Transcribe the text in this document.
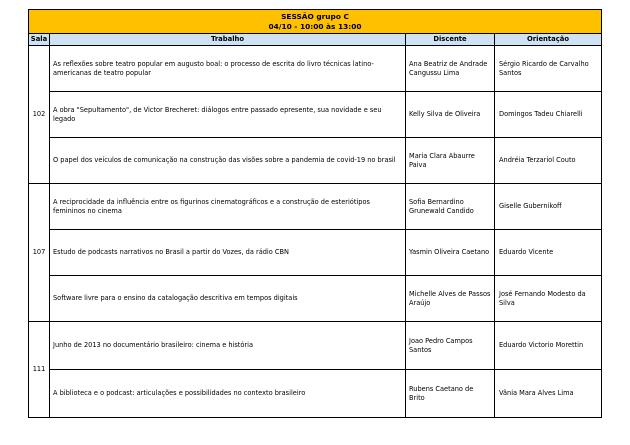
SESSÃO grupo C
04/10 - 10:00 às 13:00			

Sala	Trabalho	Discente	Orientação
102	As reflexões sobre teatro popular em augusto boal: o processo de escrita do livro técnicas latino-americanas de teatro popular	Ana Beatriz de Andrade Cangussu Lima	Sérgio Ricardo de Carvalho Santos
	A obra "Sepultamento", de Victor Brecheret: diálogos entre passado epresente, sua novidade e seu legado	Kelly Silva de Oliveira	Domingos Tadeu Chiarelli
	O papel dos veículos de comunicação na construção das visões sobre a pandemia de covid-19 no brasil	Maria Clara Abaurre Paiva	Andréia Terzariol Couto
107	A reciprocidade da influência entre os figurinos cinematográficos e a construção de esteriótipos femininos no cinema	Sofia Bernardino Grunewald Candido	Giselle Gubernikoff
	Estudo de podcasts narrativos no Brasil a partir do Vozes, da rádio CBN	Yasmin Oliveira Caetano	Eduardo Vicente
	Software livre para o ensino da catalogação descritiva em tempos digitais	Michelle Alves de Passos Araújo	José Fernando Modesto da Silva
111	Junho de 2013 no documentário brasileiro: cinema e história	Joao Pedro Campos Santos	Eduardo Victorio Morettin
	A biblioteca e o podcast: articulações e possibilidades no contexto brasileiro	Rubens Caetano de Brito	Vânia Mara Alves Lima
